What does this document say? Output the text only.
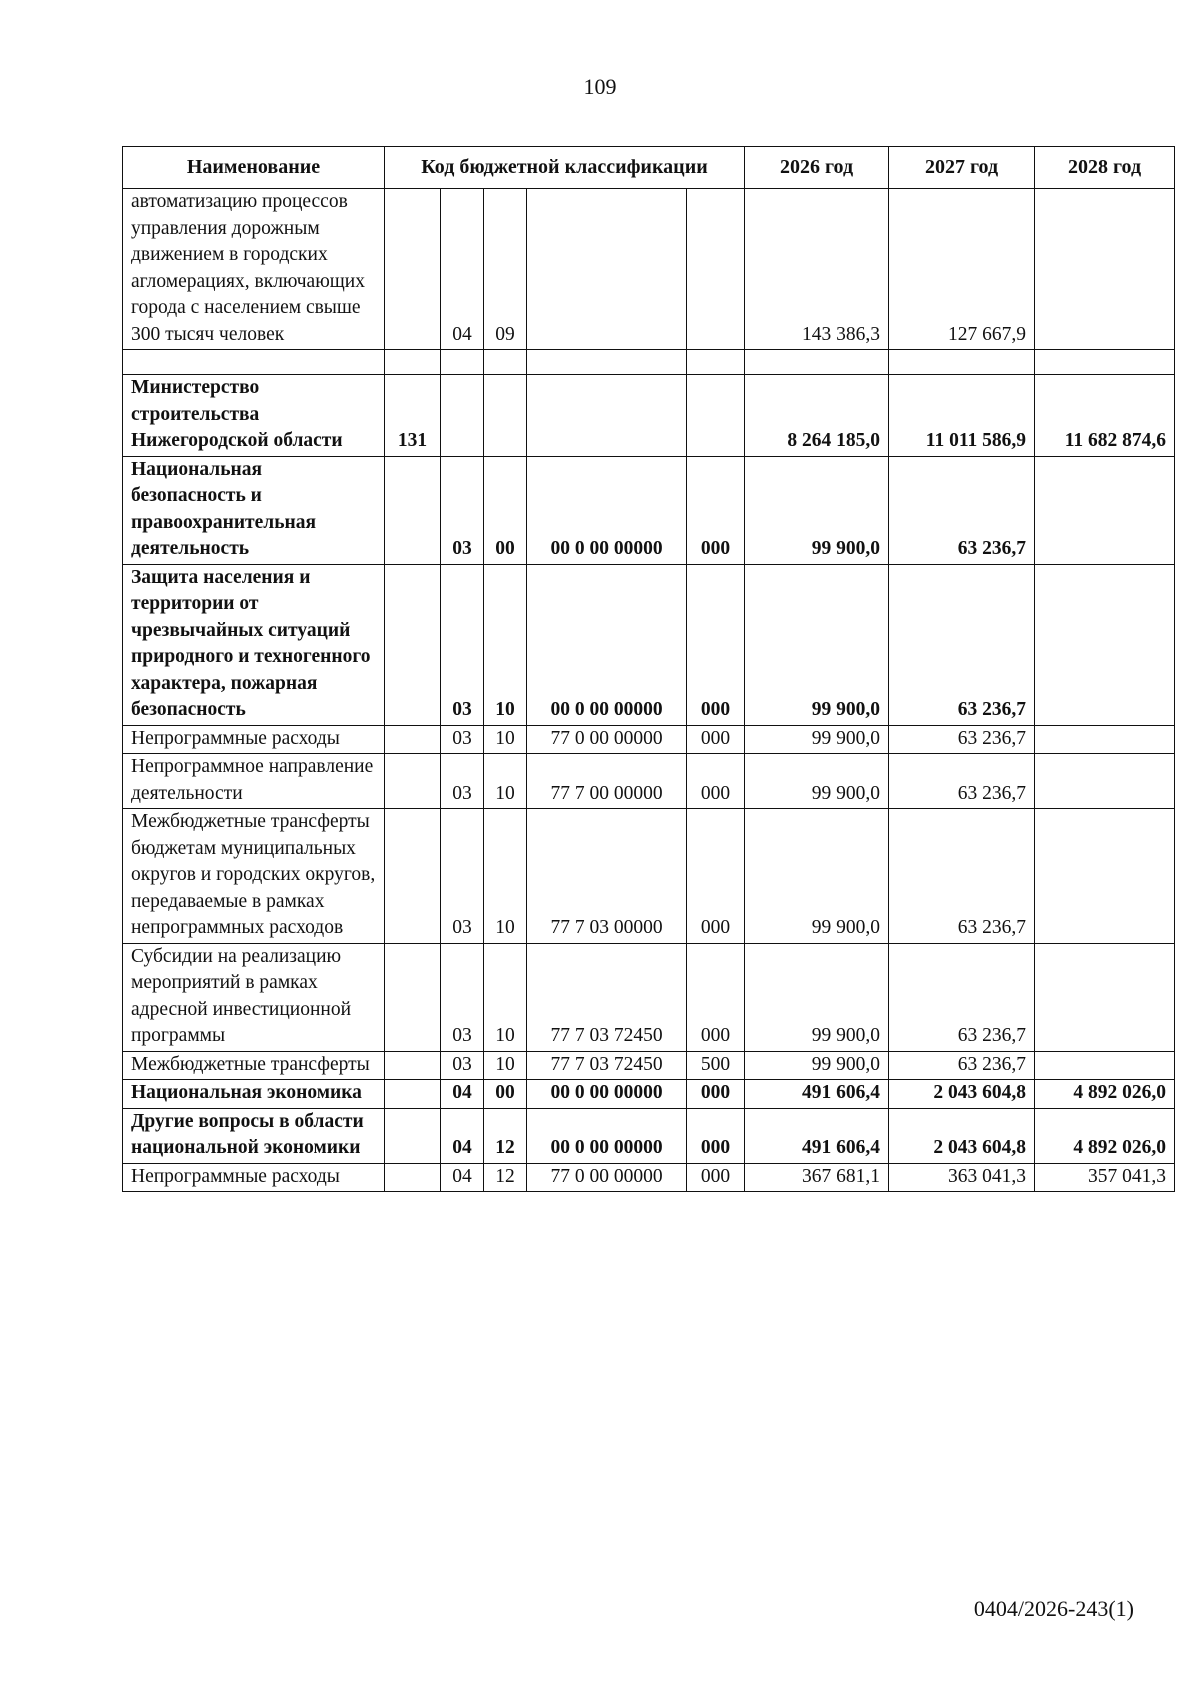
109
Наименование	Код бюджетной классификации					2026 год	2027 год	2028 год
автоматизацию процессов управления дорожным движением в городских агломерациях, включающих города с населением свыше 300 тысяч человек		04	09			143 386,3	127 667,9	

Министерство строительства Нижегородской области	131					8 264 185,0	11 011 586,9	11 682 874,6
Национальная безопасность и правоохранительная деятельность		03	00	00 0 00 00000	000	99 900,0	63 236,7	
Защита населения и территории от чрезвычайных ситуаций природного и техногенного характера, пожарная безопасность		03	10	00 0 00 00000	000	99 900,0	63 236,7	
Непрограммные расходы		03	10	77 0 00 00000	000	99 900,0	63 236,7	
Непрограммное направление деятельности		03	10	77 7 00 00000	000	99 900,0	63 236,7	
Межбюджетные трансферты бюджетам муниципальных округов и городских округов, передаваемые в рамках непрограммных расходов		03	10	77 7 03 00000	000	99 900,0	63 236,7	
Субсидии на реализацию мероприятий в рамках адресной инвестиционной программы		03	10	77 7 03 72450	000	99 900,0	63 236,7	
Межбюджетные трансферты		03	10	77 7 03 72450	500	99 900,0	63 236,7	
Национальная экономика		04	00	00 0 00 00000	000	491 606,4	2 043 604,8	4 892 026,0
Другие вопросы в области национальной экономики		04	12	00 0 00 00000	000	491 606,4	2 043 604,8	4 892 026,0
Непрограммные расходы		04	12	77 0 00 00000	000	367 681,1	363 041,3	357 041,3
0404/2026-243(1)
